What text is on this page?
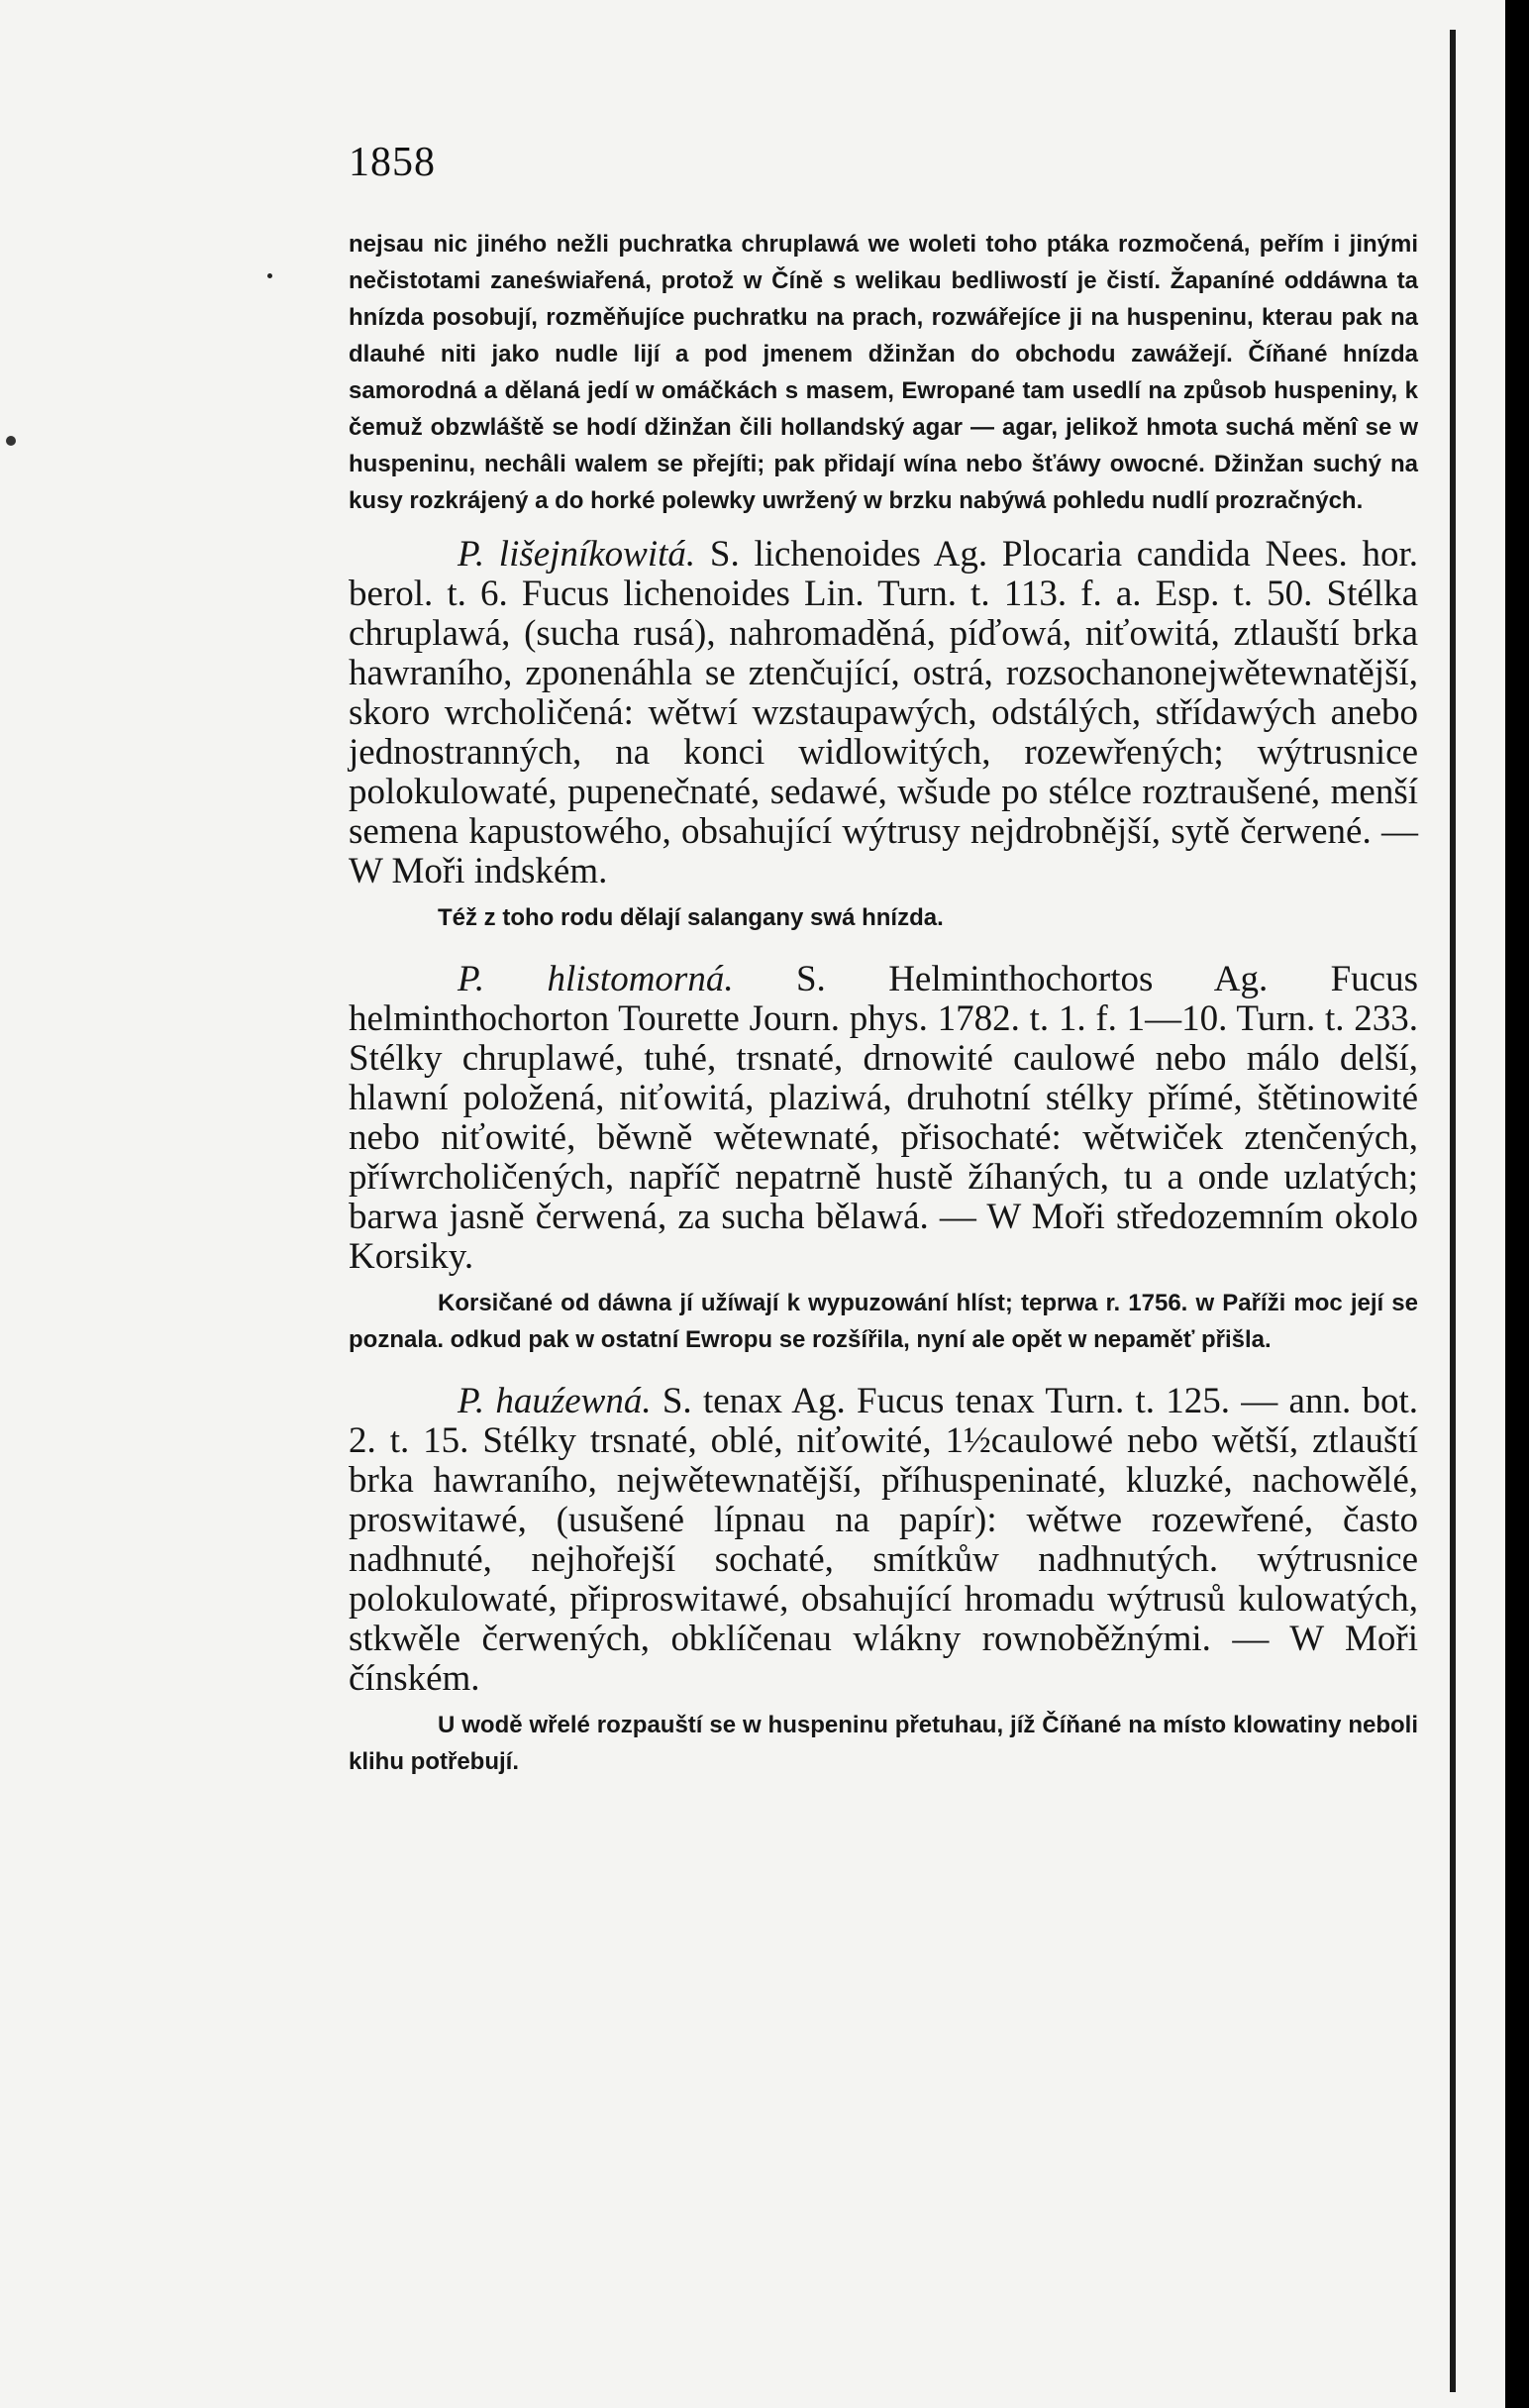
1858

nejsau nic jiného nežli puchratka chruplawá we woleti toho ptáka rozmočená, peřím i jinými nečistotami zaneświařená, protož w Číně s welikau bedliwostí je čistí. Žapaníné oddáwna ta hnízda posobují, rozměňujíce puchratku na prach, rozwářejíce ji na huspeninu, kterau pak na dlauhé niti jako nudle lijí a pod jmenem džinžan do obchodu zawážejí. Číňané hnízda samorodná a dělaná jedí w omáčkách s masem, Ewropané tam usedlí na způsob huspeniny, k čemuž obzwláště se hodí džinžan čili hollandský agar — agar, jelikož hmota suchá měnî se w huspeninu, nechâli walem se přejíti; pak přidají wína nebo šťáwy owocné. Džinžan suchý na kusy rozkrájený a do horké polewky uwržený w brzku nabýwá pohledu nudlí prozračných.

P. lišejníkowitá. S. lichenoides Ag. Plocaria candida Nees. hor. berol. t. 6. Fucus lichenoides Lin. Turn. t. 113. f. a. Esp. t. 50. Stélka chruplawá, (sucha rusá), nahromaděná, píďowá, niťowitá, ztlauští brka hawraního, zponenáhla se ztenčující, ostrá, rozsochanonejwětewnatější, skoro wrcholičená: wětwí wzstaupawých, odstálých, střídawých anebo jednostranných, na konci widlowitých, rozewřených; wýtrusnice polokulowaté, pupenečnaté, sedawé, wšude po stélce roztraušené, menší semena kapustowého, obsahující wýtrusy nejdrobnější, sytě čerwené. — W Moři indském.

Též z toho rodu dělají salangany swá hnízda.

P. hlistomorná. S. Helminthochortos Ag. Fucus helminthochorton Tourette Journ. phys. 1782. t. 1. f. 1—10. Turn. t. 233. Stélky chruplawé, tuhé, trsnaté, drnowité caulowé nebo málo delší, hlawní položená, niťowitá, plaziwá, druhotní stélky přímé, štětinowité nebo niťowité, běwně wětewnaté, přisochaté: wětwiček ztenčených, příwrcholičených, napříč nepatrně hustě žíhaných, tu a onde uzlatých; barwa jasně čerwená, za sucha bělawá. — W Moři středozemním okolo Korsiky.

Korsičané od dáwna jí užíwají k wypuzowání hlíst; teprwa r. 1756. w Paříži moc její se poznala. odkud pak w ostatní Ewropu se rozšířila, nyní ale opět w nepaměť přišla.

P. hauźewná. S. tenax Ag. Fucus tenax Turn. t. 125. — ann. bot. 2. t. 15. Stélky trsnaté, oblé, niťowité, 1½caulowé nebo wětší, ztlauští brka hawraního, nejwětewnatější, příhuspeninaté, kluzké, nachowělé, proswitawé, (usušené lípnau na papír): wětwe rozewřené, často nadhnuté, nejhořejší sochaté, smítkůw nadhnutých. wýtrusnice polokulowaté, připroswitawé, obsahující hromadu wýtrusů kulowatých, stkwěle čerwených, obklíčenau wlákny rownoběžnými. — W Moři čínském.

U wodě wřelé rozpauští se w huspeninu přetuhau, jíž Číňané na místo klowatiny neboli klihu potřebují.
